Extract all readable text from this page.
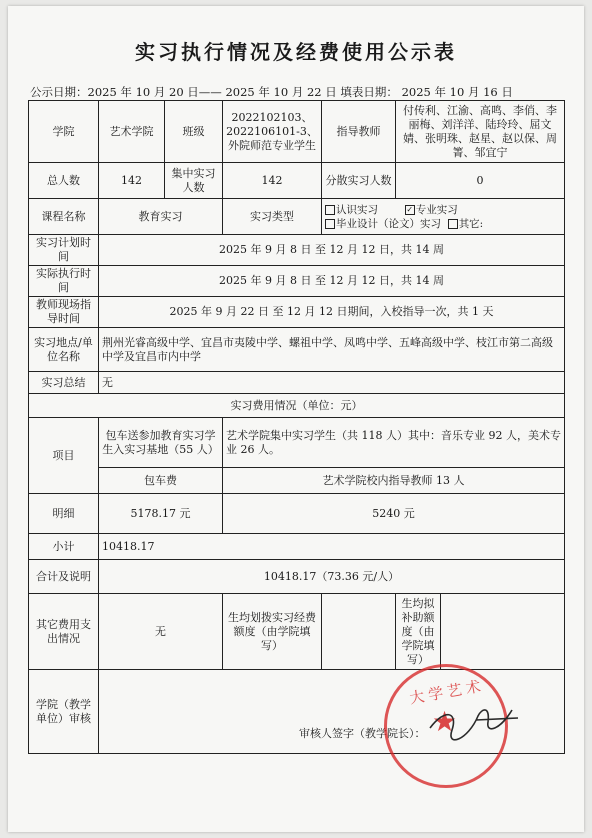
实习执行情况及经费使用公示表
公示日期：2025 年 10 月 20 日—— 2025 年 10 月 22 日 填表日期： 2025 年 10 月 16 日
学院	艺术学院	班级	2022102103、2022106101-3、外院师范专业学生	指导教师	付传利、江渝、高鸣、李俏、李丽梅、刘洋洋、陆玲玲、屈文婧、张明珠、赵星、赵以保、周箐、邹宜宁	
总人数	142	集中实习人数	142	分散实习人数	0	
课程名称	教育实习		实习类型	认识实习 ✓ 专业实习
毕业设计（论文）实习 其它:		
实习计划时间	2025 年 9 月 8 日 至 12 月 12 日，共 14 周					
实际执行时间	2025 年 9 月 8 日 至 12 月 12 日，共 14 周					
教师现场指导时间	2025 年 9 月 22 日 至 12 月 12 日期间，入校指导一次，共 1 天					
实习地点/单位名称	荆州光睿高级中学、宜昌市夷陵中学、螺祖中学、凤鸣中学、五峰高级中学、枝江市第二高级中学及宜昌市内中学					
实习总结	无					
实习费用情况（单位：元）						
项目	包车送参加教育实习学生入实习基地（55 人）		艺术学院集中实习学生（共 118 人）其中：音乐专业 92 人，美术专业 26 人。			
	包车费		艺术学院校内指导教师 13 人			
明细	5178.17 元		5240 元			
小计	10418.17					
合计及说明	10418.17（73.36 元/人）					
其它费用支出情况	无		生均划拨实习经费额度（由学院填写）		生均拟补助额度（由学院填写）	
学院（教学单位）审核	审核人签字（教学院长）：					
大学艺术
★
